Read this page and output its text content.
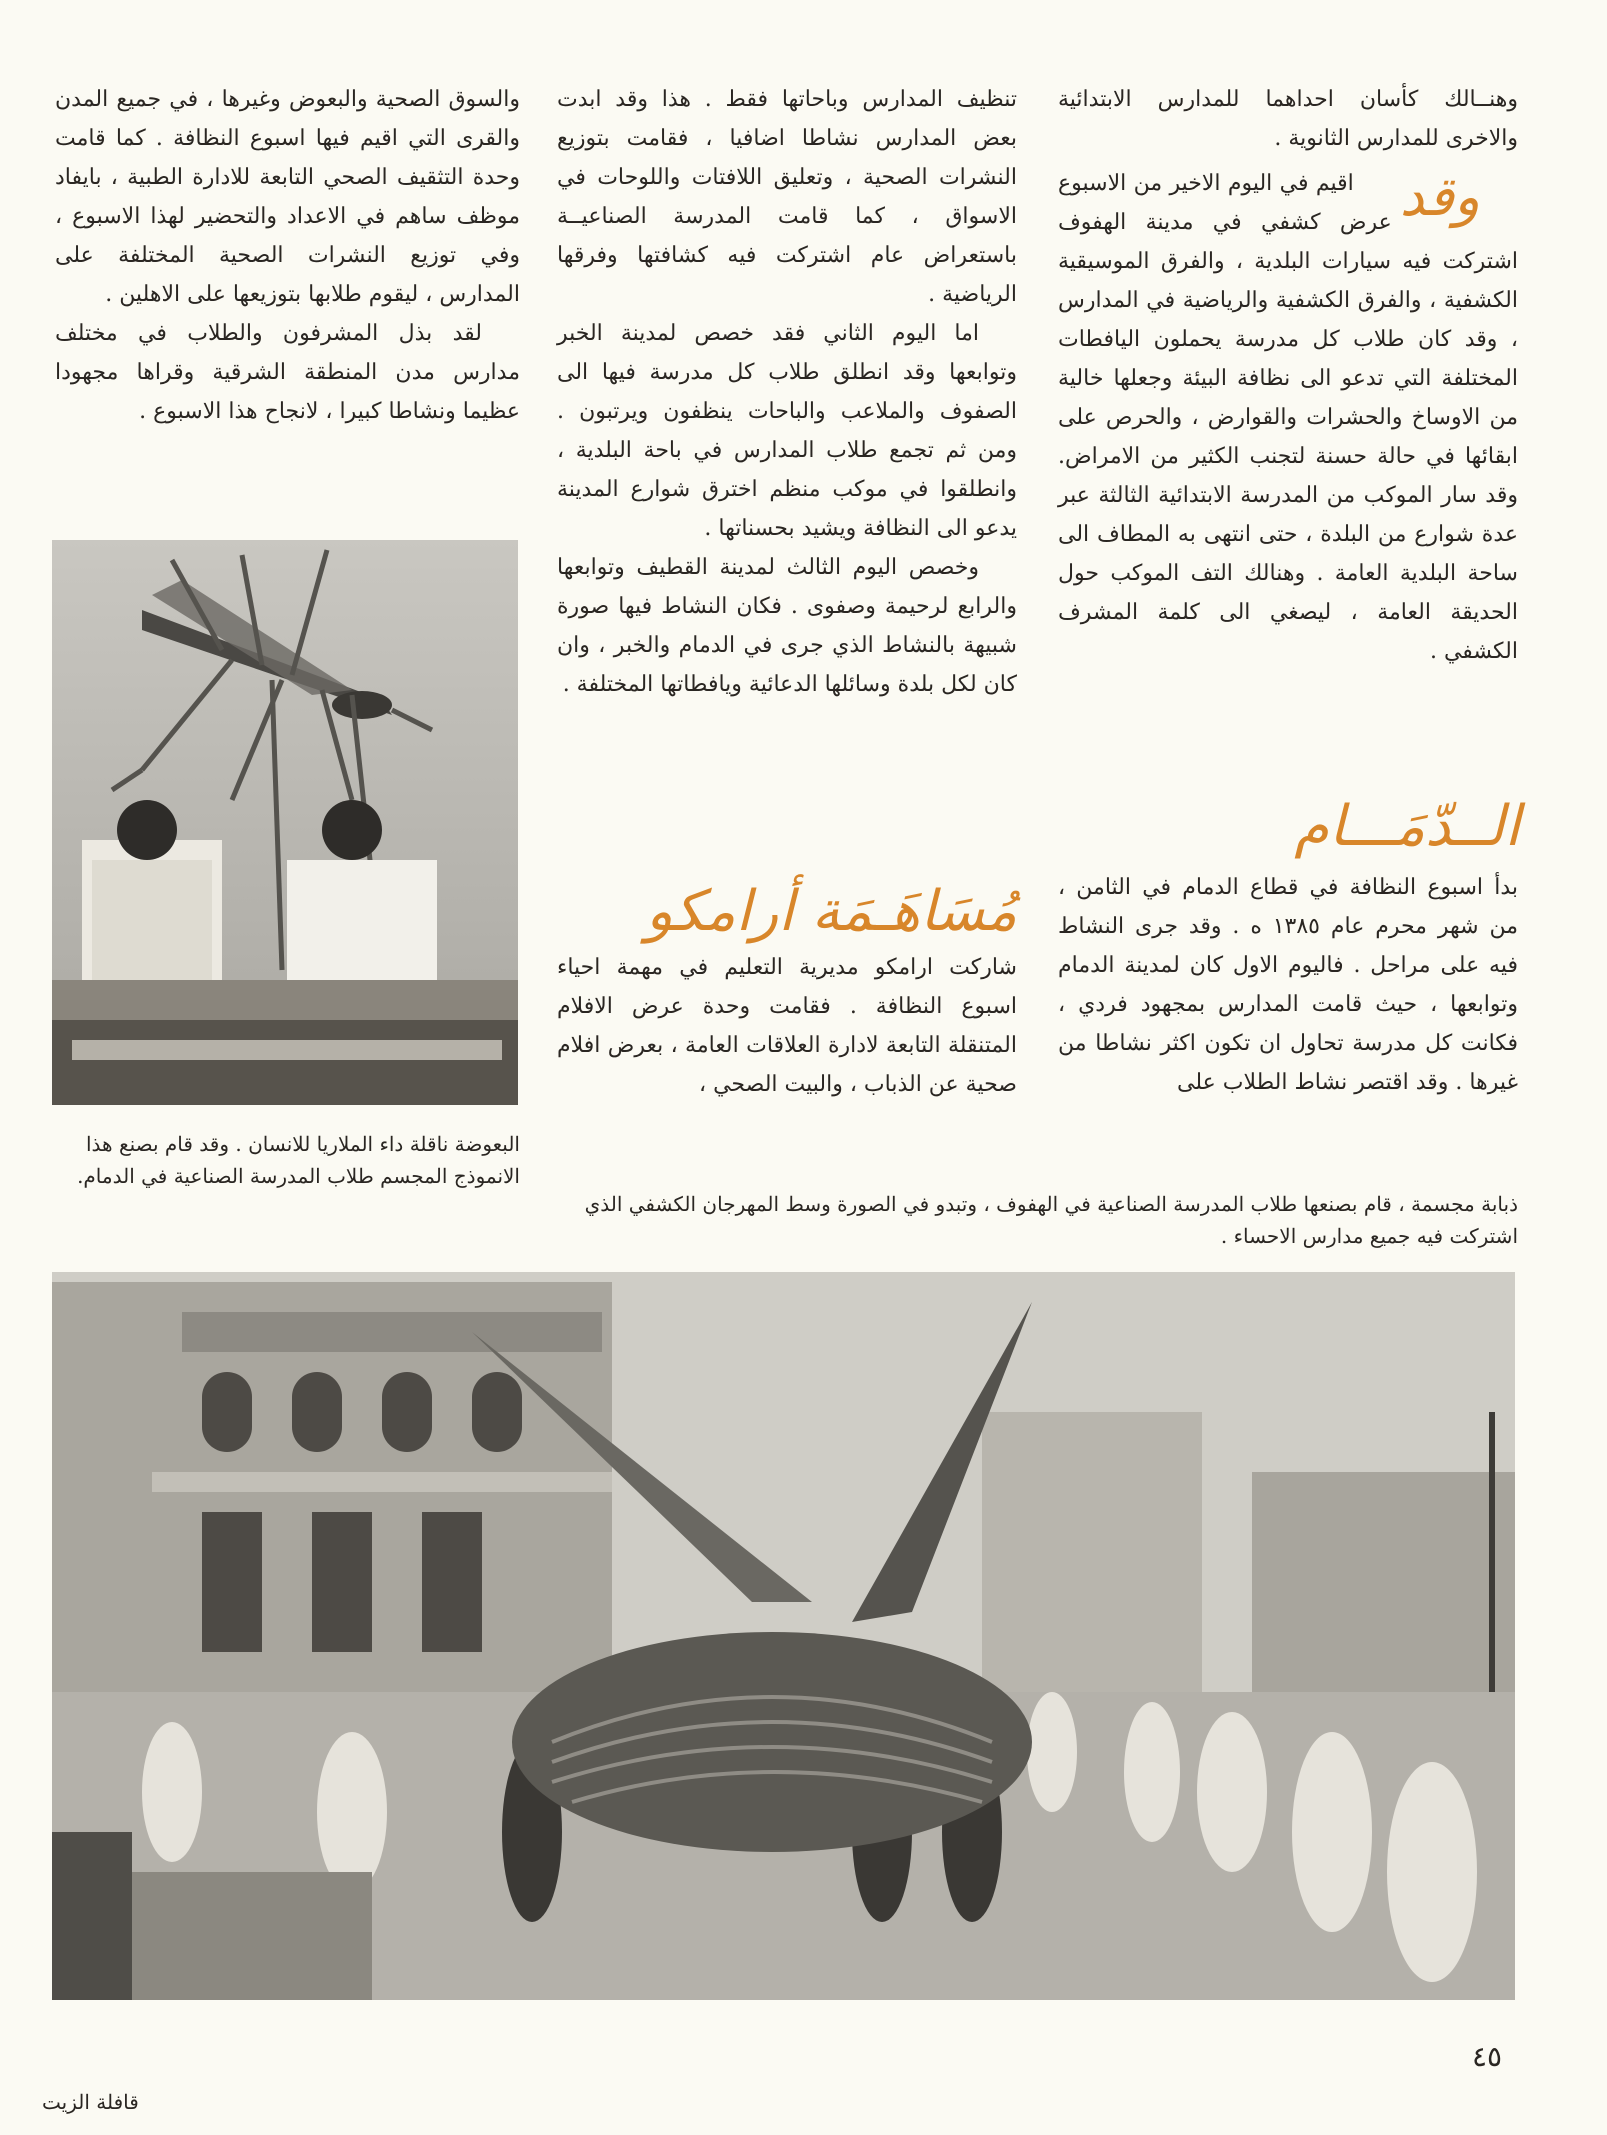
وهنــالك كأسان احداهما للمدارس الابتدائية والاخرى للمدارس الثانوية .

وقد
اقيم في اليوم الاخير من الاسبوع عرض كشفي في مدينة الهفوف اشتركت فيه سيارات البلدية ، والفرق الموسيقية الكشفية ، والفرق الكشفية والرياضية في المدارس ، وقد كان طلاب كل مدرسة يحملون اليافطات المختلفة التي تدعو الى نظافة البيئة وجعلها خالية من الاوساخ والحشرات والقوارض ، والحرص على ابقائها في حالة حسنة لتجنب الكثير من الامراض. وقد سار الموكب من المدرسة الابتدائية الثالثة عبر عدة شوارع من البلدة ، حتى انتهى به المطاف الى ساحة البلدية العامة . وهنالك التف الموكب حول الحديقة العامة ، ليصغي الى كلمة المشرف الكشفي .

الــدّمَـــام

بدأ اسبوع النظافة في قطاع الدمام في الثامن ، من شهر محرم عام ١٣٨٥ ه . وقد جرى النشاط فيه على مراحل . فاليوم الاول كان لمدينة الدمام وتوابعها ، حيث قامت المدارس بمجهود فردي ، فكانت كل مدرسة تحاول ان تكون اكثر نشاطا من غيرها . وقد اقتصر نشاط الطلاب على

تنظيف المدارس وباحاتها فقط . هذا وقد ابدت بعض المدارس نشاطا اضافيا ، فقامت بتوزيع النشرات الصحية ، وتعليق اللافتات واللوحات في الاسواق ، كما قامت المدرسة الصناعيــة باستعراض عام اشتركت فيه كشافتها وفرقها الرياضية .

اما اليوم الثاني فقد خصص لمدينة الخبر وتوابعها وقد انطلق طلاب كل مدرسة فيها الى الصفوف والملاعب والباحات ينظفون ويرتبون . ومن ثم تجمع طلاب المدارس في باحة البلدية ، وانطلقوا في موكب منظم اخترق شوارع المدينة يدعو الى النظافة ويشيد بحسناتها .

وخصص اليوم الثالث لمدينة القطيف وتوابعها والرابع لرحيمة وصفوى . فكان النشاط فيها صورة شبيهة بالنشاط الذي جرى في الدمام والخبر ، وان كان لكل بلدة وسائلها الدعائية ويافطاتها المختلفة .

مُسَاهَـمَة أرامكو

شاركت ارامكو مديرية التعليم في مهمة احياء اسبوع النظافة . فقامت وحدة عرض الافلام المتنقلة التابعة لادارة العلاقات العامة ، بعرض افلام صحية عن الذباب ، والبيت الصحي ،

والسوق الصحية والبعوض وغيرها ، في جميع المدن والقرى التي اقيم فيها اسبوع النظافة . كما قامت وحدة التثقيف الصحي التابعة للادارة الطبية ، بايفاد موظف ساهم في الاعداد والتحضير لهذا الاسبوع ، وفي توزيع النشرات الصحية المختلفة على المدارس ، ليقوم طلابها بتوزيعها على الاهلين .

لقد بذل المشرفون والطلاب في مختلف مدارس مدن المنطقة الشرقية وقراها مجهودا عظيما ونشاطا كبيرا ، لانجاح هذا الاسبوع .

البعوضة ناقلة داء الملاريا للانسان . وقد قام بصنع هذا الانموذج المجسم طلاب المدرسة الصناعية في الدمام.
ذبابة مجسمة ، قام بصنعها طلاب المدرسة الصناعية في الهفوف ، وتبدو في الصورة وسط المهرجان الكشفي الذي اشتركت فيه جميع مدارس الاحساء .
٤٥
قافلة الزيت
